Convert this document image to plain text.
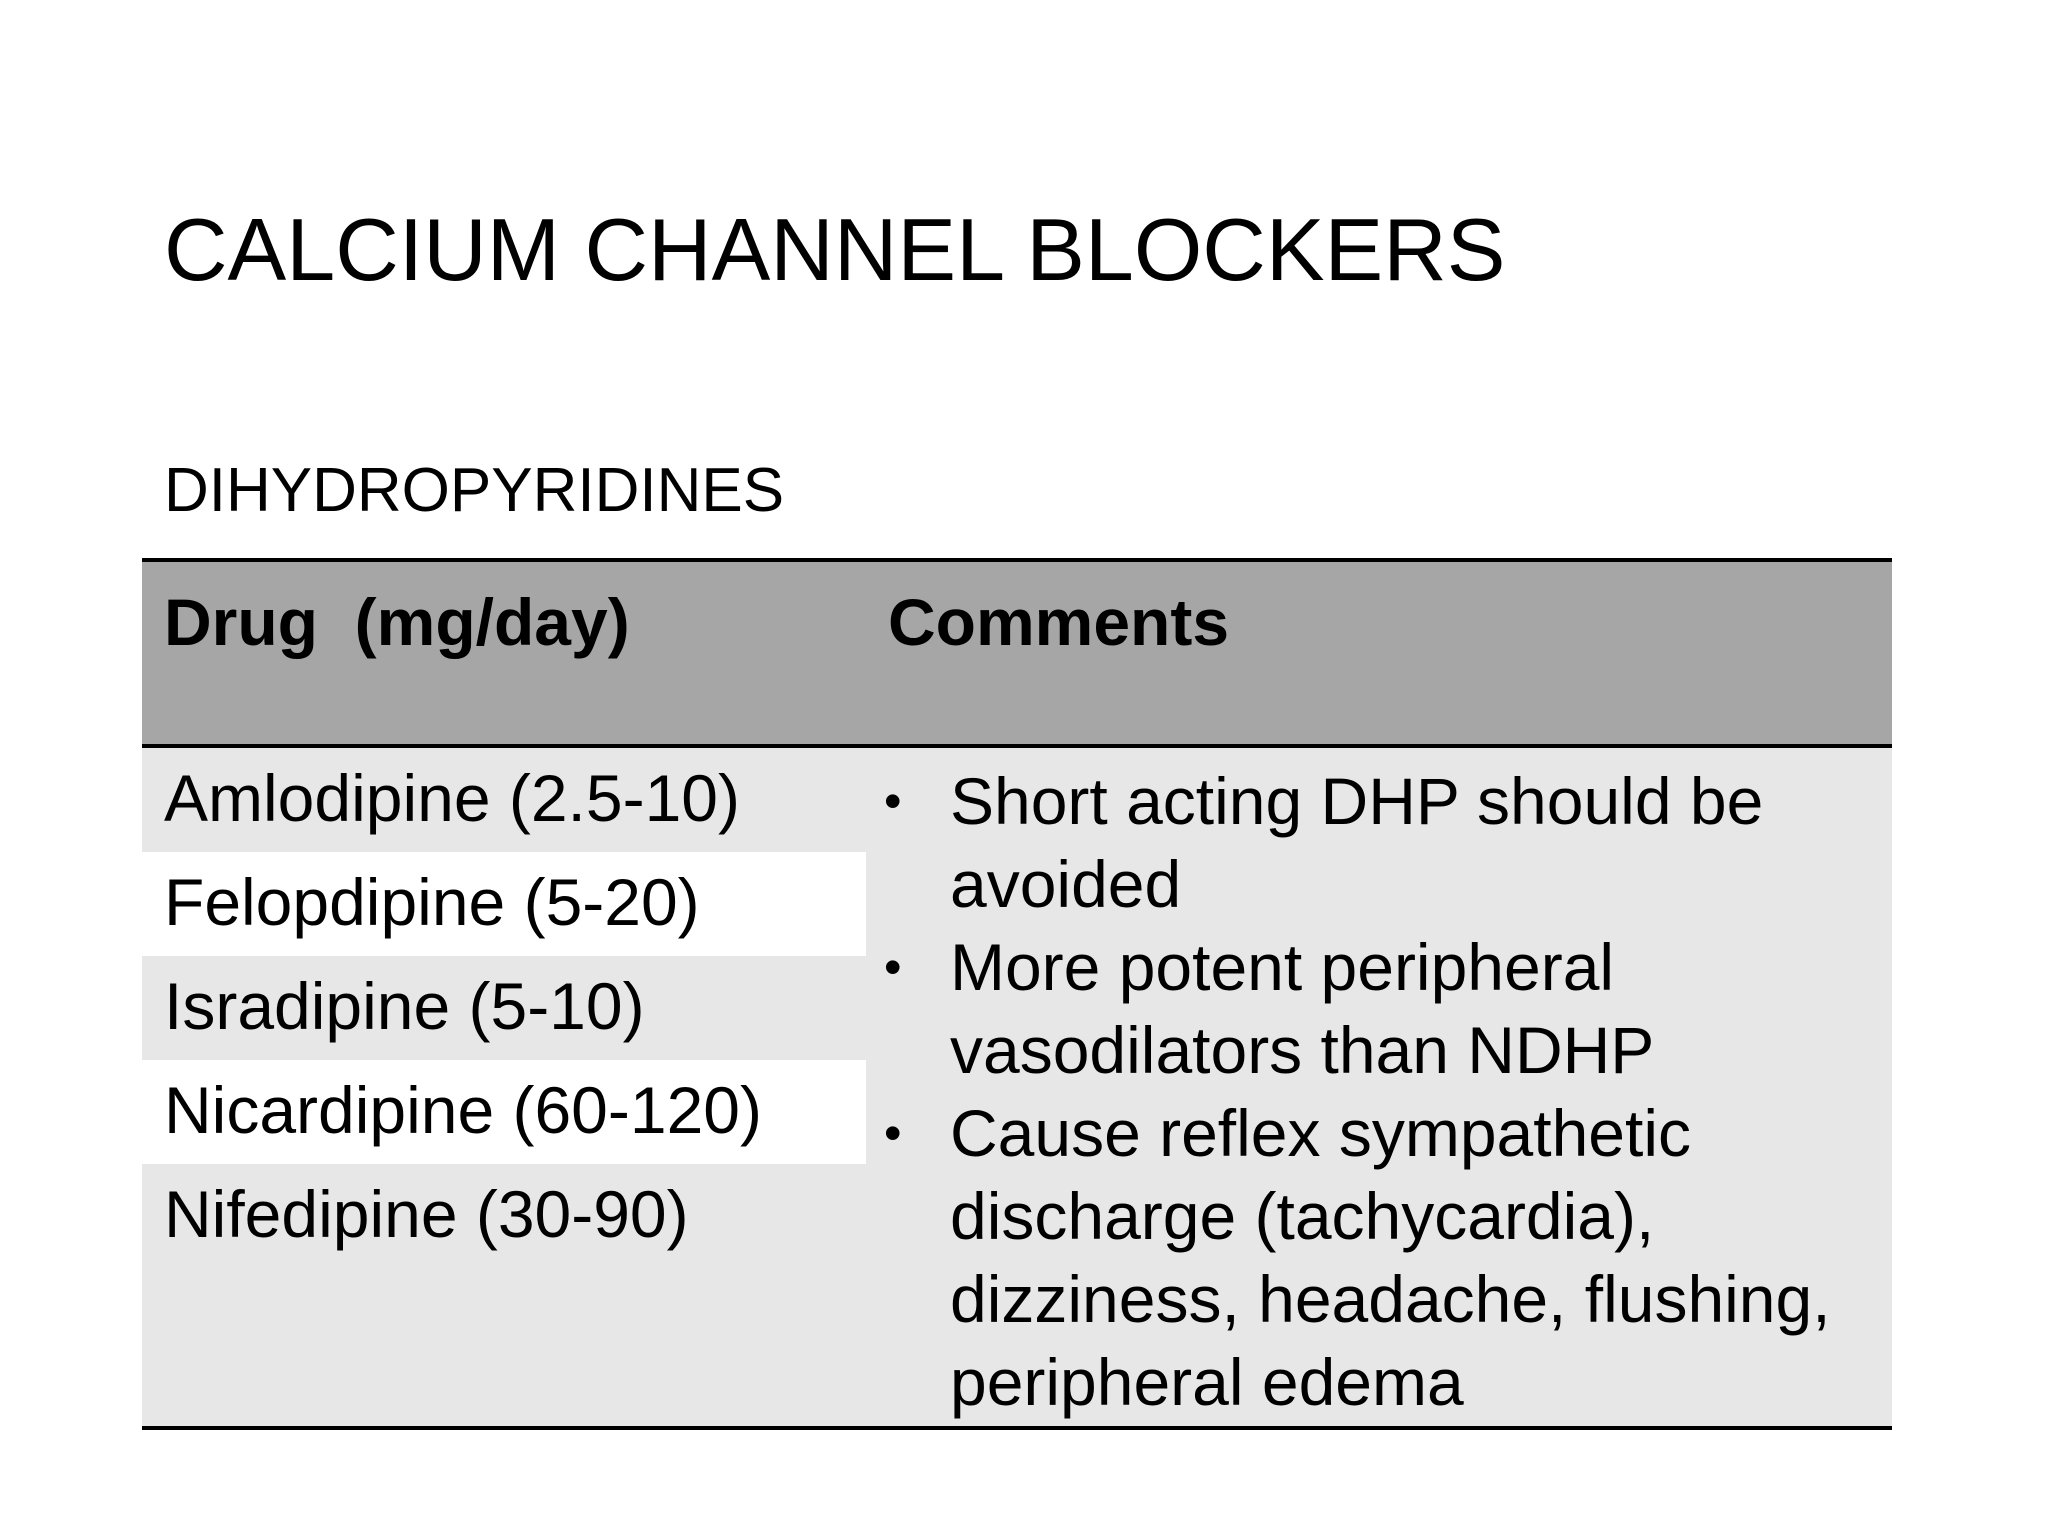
CALCIUM CHANNEL BLOCKERS
DIHYDROPYRIDINES
Drug  (mg/day)	Comments
Amlodipine (2.5-10)
Felopdipine (5-20)
Isradipine (5-10)
Nicardipine (60-120)
Nifedipine (30-90)
• Short acting DHP should be avoided
• More potent peripheral vasodilators than NDHP
• Cause reflex sympathetic discharge (tachycardia), dizziness, headache, flushing, peripheral edema
